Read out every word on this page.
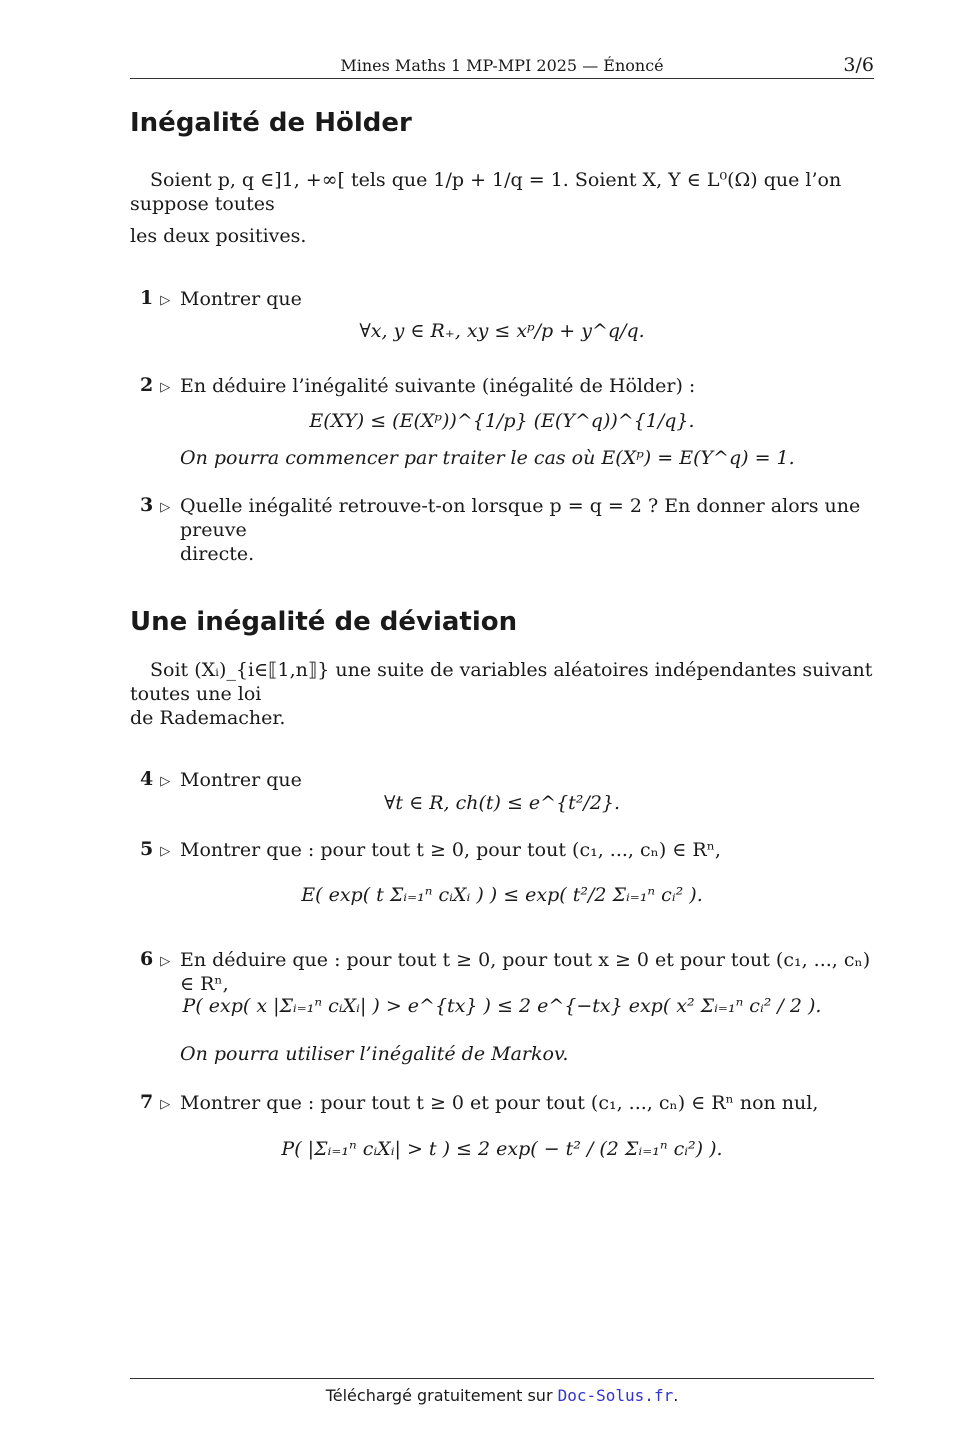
Mines Maths 1 MP-MPI 2025 — Énoncé	3/6
Inégalité de Hölder
Soient p, q ∈]1, +∞[ tels que 1/p + 1/q = 1. Soient X, Y ∈ L⁰(Ω) que l’on suppose toutes
les deux positives.
1 ▷ Montrer que
∀x, y ∈ R₊, xy ≤ xᵖ/p + y^q/q.
2 ▷ En déduire l’inégalité suivante (inégalité de Hölder) :
E(XY) ≤ (E(Xᵖ))^{1/p} (E(Y^q))^{1/q}.
On pourra commencer par traiter le cas où E(Xᵖ) = E(Y^q) = 1.
3 ▷ Quelle inégalité retrouve-t-on lorsque p = q = 2 ? En donner alors une preuve
directe.
Une inégalité de déviation
Soit (Xᵢ)_{i∈⟦1,n⟧} une suite de variables aléatoires indépendantes suivant toutes une loi
de Rademacher.
4 ▷ Montrer que
∀t ∈ R, ch(t) ≤ e^{t²/2}.
5 ▷ Montrer que : pour tout t ≥ 0, pour tout (c₁, ..., cₙ) ∈ Rⁿ,
E( exp( t Σᵢ₌₁ⁿ cᵢXᵢ ) ) ≤ exp( t²/2 Σᵢ₌₁ⁿ cᵢ² ).
6 ▷ En déduire que : pour tout t ≥ 0, pour tout x ≥ 0 et pour tout (c₁, ..., cₙ) ∈ Rⁿ,
P( exp( x |Σᵢ₌₁ⁿ cᵢXᵢ| ) > e^{tx} ) ≤ 2 e^{−tx} exp( x² Σᵢ₌₁ⁿ cᵢ² / 2 ).
On pourra utiliser l’inégalité de Markov.
7 ▷ Montrer que : pour tout t ≥ 0 et pour tout (c₁, ..., cₙ) ∈ Rⁿ non nul,
P( |Σᵢ₌₁ⁿ cᵢXᵢ| > t ) ≤ 2 exp( − t² / (2 Σᵢ₌₁ⁿ cᵢ²) ).
Téléchargé gratuitement sur Doc-Solus.fr.
